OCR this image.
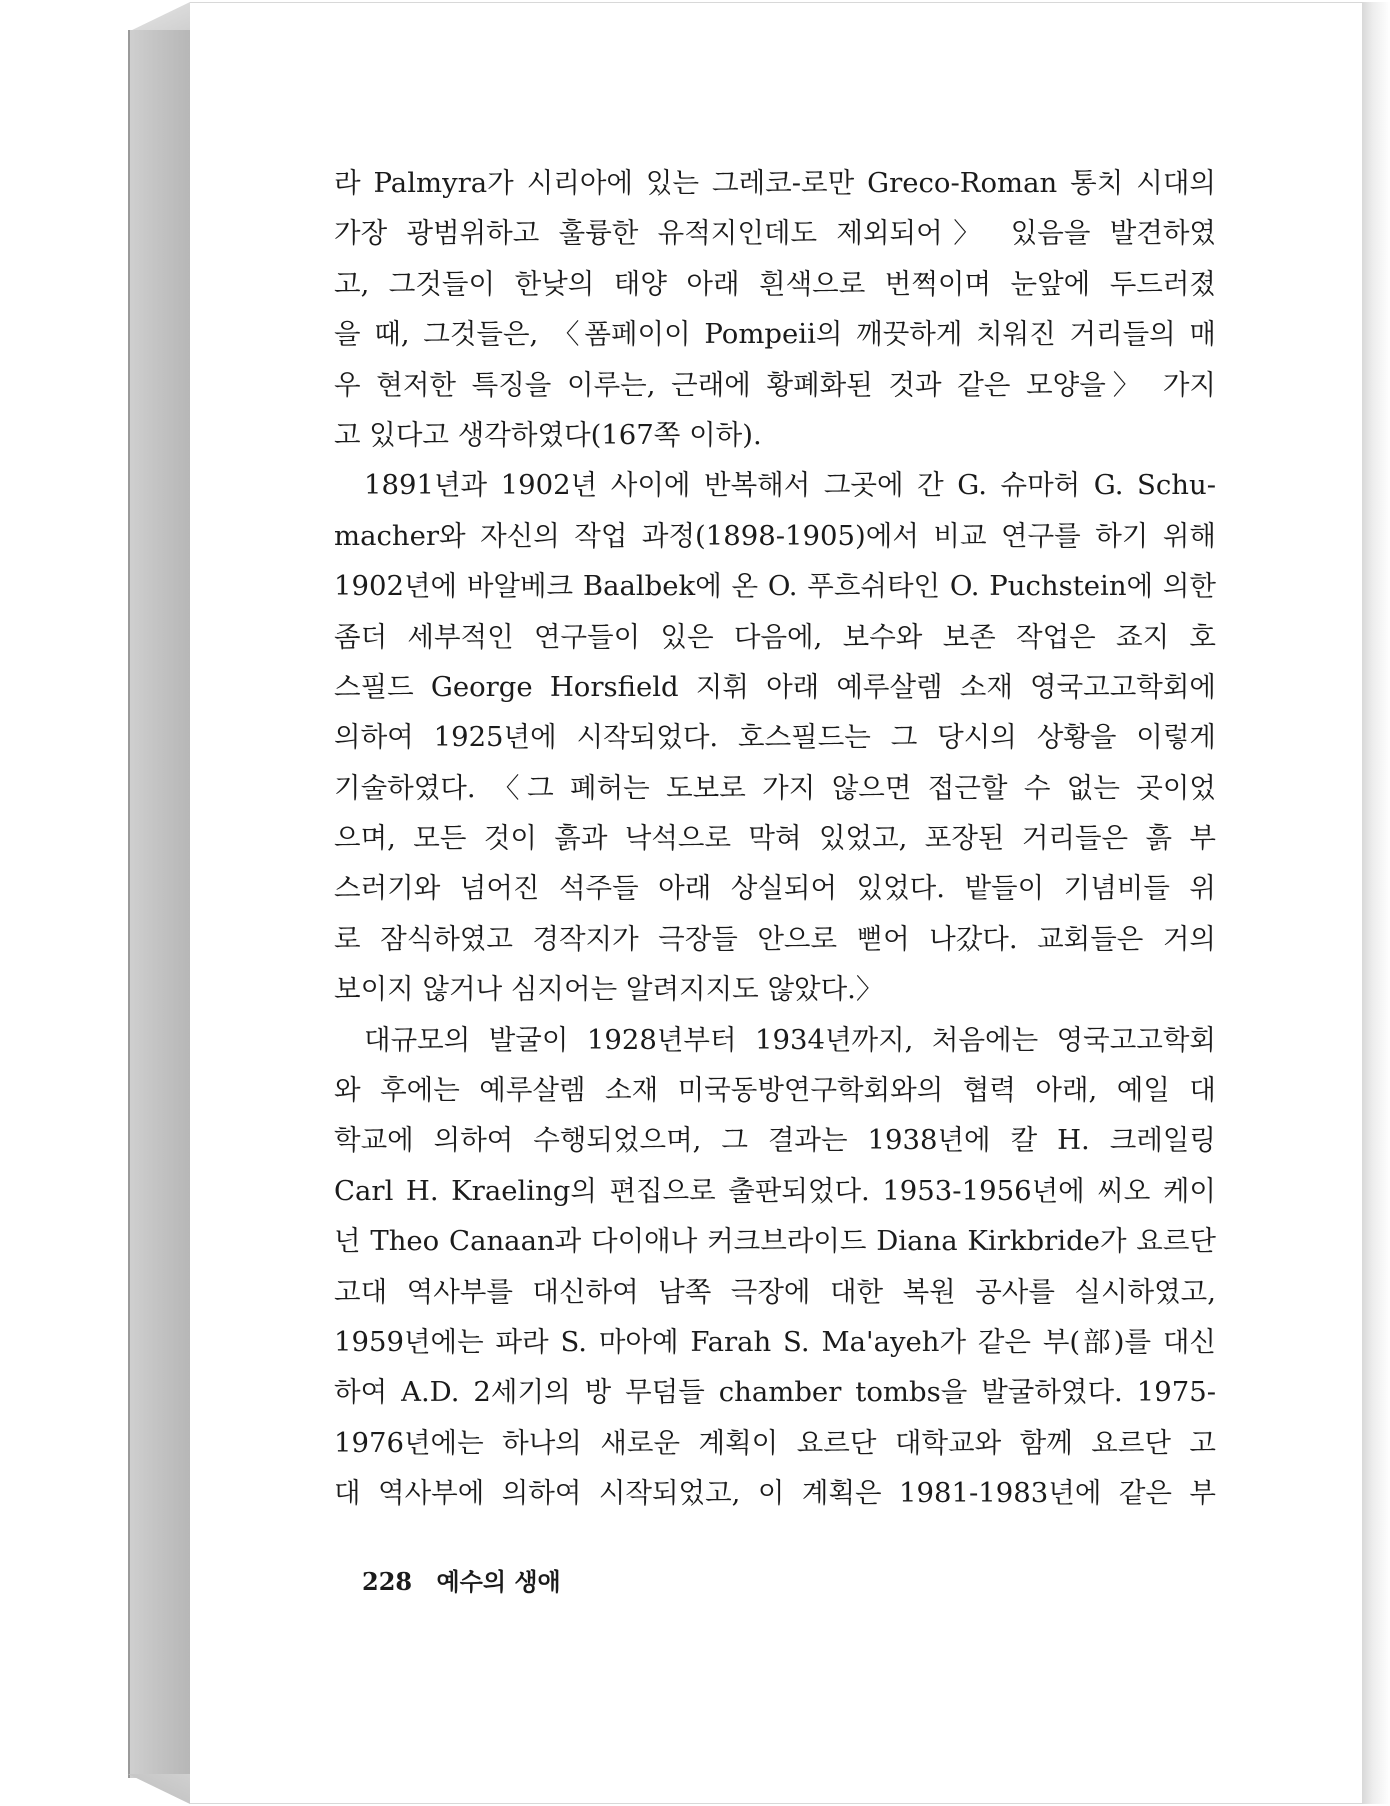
라 Palmyra가 시리아에 있는 그레코-로만 Greco-Roman 통치 시대의
가장 광범위하고 훌륭한 유적지인데도 제외되어〉 있음을 발견하였
고, 그것들이 한낮의 태양 아래 흰색으로 번쩍이며 눈앞에 두드러졌
을 때, 그것들은, 〈폼페이이 Pompeii의 깨끗하게 치워진 거리들의 매
우 현저한 특징을 이루는, 근래에 황폐화된 것과 같은 모양을〉 가지
고 있다고 생각하였다(167쪽 이하).
1891년과 1902년 사이에 반복해서 그곳에 간 G. 슈마허 G. Schu-
macher와 자신의 작업 과정(1898-1905)에서 비교 연구를 하기 위해
1902년에 바알베크 Baalbek에 온 O. 푸흐쉬타인 O. Puchstein에 의한
좀더 세부적인 연구들이 있은 다음에, 보수와 보존 작업은 죠지 호
스필드 George Horsfield 지휘 아래 예루살렘 소재 영국고고학회에
의하여 1925년에 시작되었다. 호스필드는 그 당시의 상황을 이렇게
기술하였다. 〈그 폐허는 도보로 가지 않으면 접근할 수 없는 곳이었
으며, 모든 것이 흙과 낙석으로 막혀 있었고, 포장된 거리들은 흙 부
스러기와 넘어진 석주들 아래 상실되어 있었다. 밭들이 기념비들 위
로 잠식하였고 경작지가 극장들 안으로 뻗어 나갔다. 교회들은 거의
보이지 않거나 심지어는 알려지지도 않았다.〉
대규모의 발굴이 1928년부터 1934년까지, 처음에는 영국고고학회
와 후에는 예루살렘 소재 미국동방연구학회와의 협력 아래, 예일 대
학교에 의하여 수행되었으며, 그 결과는 1938년에 칼 H. 크레일링
Carl H. Kraeling의 편집으로 출판되었다. 1953-1956년에 씨오 케이
넌 Theo Canaan과 다이애나 커크브라이드 Diana Kirkbride가 요르단
고대 역사부를 대신하여 남쪽 극장에 대한 복원 공사를 실시하였고,
1959년에는 파라 S. 마아예 Farah S. Ma'ayeh가 같은 부(部)를 대신
하여 A.D. 2세기의 방 무덤들 chamber tombs을 발굴하였다. 1975-
1976년에는 하나의 새로운 계획이 요르단 대학교와 함께 요르단 고
대 역사부에 의하여 시작되었고, 이 계획은 1981-1983년에 같은 부
228 예수의 생애
